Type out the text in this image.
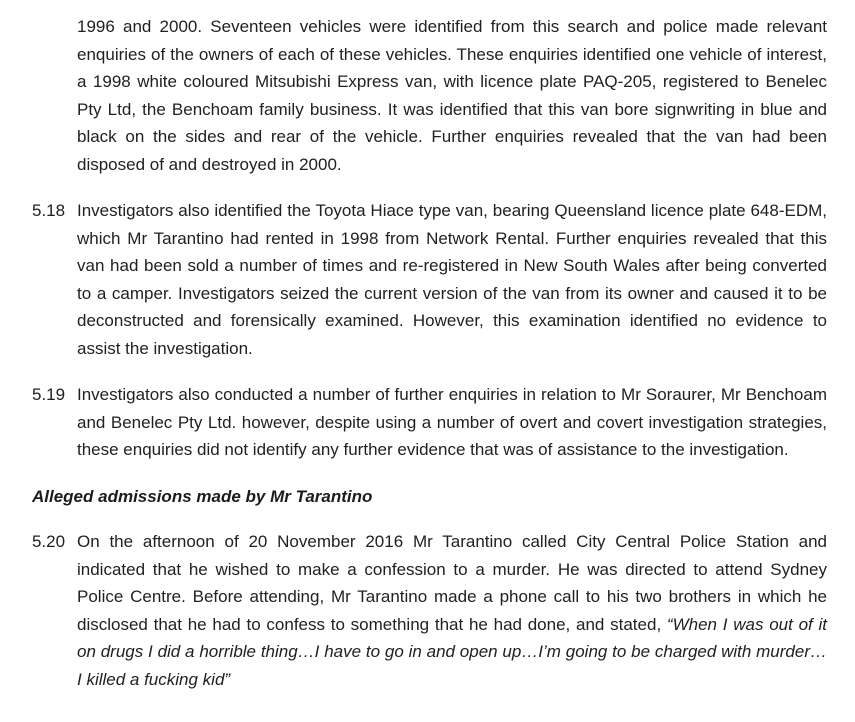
1996 and 2000. Seventeen vehicles were identified from this search and police made relevant enquiries of the owners of each of these vehicles. These enquiries identified one vehicle of interest, a 1998 white coloured Mitsubishi Express van, with licence plate PAQ-205, registered to Benelec Pty Ltd, the Benchoam family business. It was identified that this van bore signwriting in blue and black on the sides and rear of the vehicle. Further enquiries revealed that the van had been disposed of and destroyed in 2000.
5.18 Investigators also identified the Toyota Hiace type van, bearing Queensland licence plate 648-EDM, which Mr Tarantino had rented in 1998 from Network Rental. Further enquiries revealed that this van had been sold a number of times and re-registered in New South Wales after being converted to a camper. Investigators seized the current version of the van from its owner and caused it to be deconstructed and forensically examined. However, this examination identified no evidence to assist the investigation.
5.19 Investigators also conducted a number of further enquiries in relation to Mr Soraurer, Mr Benchoam and Benelec Pty Ltd. however, despite using a number of overt and covert investigation strategies, these enquiries did not identify any further evidence that was of assistance to the investigation.
Alleged admissions made by Mr Tarantino
5.20 On the afternoon of 20 November 2016 Mr Tarantino called City Central Police Station and indicated that he wished to make a confession to a murder. He was directed to attend Sydney Police Centre. Before attending, Mr Tarantino made a phone call to his two brothers in which he disclosed that he had to confess to something that he had done, and stated, “When I was out of it on drugs I did a horrible thing…I have to go in and open up…I’m going to be charged with murder… I killed a fucking kid”
